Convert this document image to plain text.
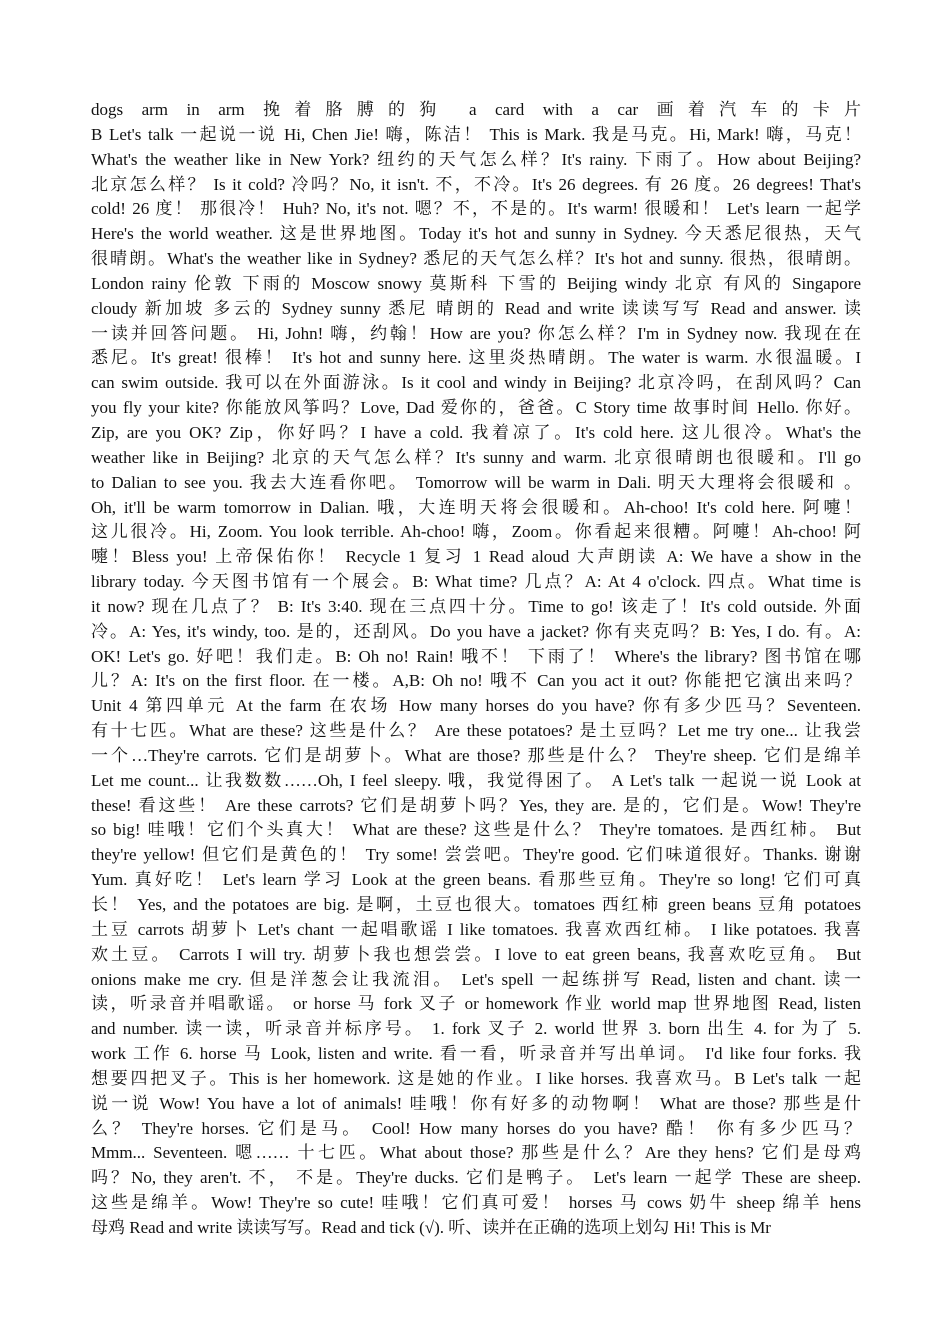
dogs arm in arm 挽着胳膊的狗 a card with a car 画着汽车的卡片
B Let's talk 一起说一说 Hi, Chen Jie! 嗨，陈洁！ This is Mark. 我是马克。Hi, Mark! 嗨，马克！
What's the weather like in New York? 纽约的天气怎么样？It's rainy. 下雨了。How about Beijing?
北京怎么样？ Is it cold? 冷吗？No, it isn't. 不，不冷。It's 26 degrees. 有 26 度。26 degrees! That's
cold! 26 度！ 那很冷！ Huh? No, it's not. 嗯？不，不是的。It's warm! 很暖和！ Let's learn 一起学
Here's the world weather. 这是世界地图。Today it's hot and sunny in Sydney. 今天悉尼很热，天气
很晴朗。What's the weather like in Sydney? 悉尼的天气怎么样？It's hot and sunny. 很热，很晴朗。
London rainy 伦敦 下雨的 Moscow snowy 莫斯科 下雪的 Beijing windy 北京 有风的 Singapore
cloudy 新加坡 多云的 Sydney sunny 悉尼 晴朗的 Read and write 读读写写 Read and answer. 读
一读并回答问题。 Hi, John! 嗨，约翰！How are you? 你怎么样？I'm in Sydney now. 我现在在
悉尼。It's great! 很棒！ It's hot and sunny here. 这里炎热晴朗。The water is warm. 水很温暖。I
can swim outside. 我可以在外面游泳。Is it cool and windy in Beijing? 北京冷吗，在刮风吗？Can
you fly your kite? 你能放风筝吗？Love, Dad 爱你的，爸爸。C Story time 故事时间 Hello. 你好。
Zip, are you OK? Zip，你好吗？I have a cold. 我着凉了。It's cold here. 这儿很冷。What's the
weather like in Beijing? 北京的天气怎么样？It's sunny and warm. 北京很晴朗也很暖和。I'll go
to Dalian to see you. 我去大连看你吧。 Tomorrow will be warm in Dali. 明天大理将会很暖和 。
Oh, it'll be warm tomorrow in Dalian. 哦，大连明天将会很暖和。Ah-choo! It's cold here. 阿嚏！
这儿很冷。Hi, Zoom. You look terrible. Ah-choo! 嗨，Zoom。你看起来很糟。阿嚏！Ah-choo! 阿
嚏！Bless you! 上帝保佑你！ Recycle 1 复习 1 Read aloud 大声朗读 A: We have a show in the
library today. 今天图书馆有一个展会。B: What time? 几点？A: At 4 o'clock. 四点。What time is
it now? 现在几点了？ B: It's 3:40. 现在三点四十分。Time to go! 该走了！It's cold outside. 外面
冷。A: Yes, it's windy, too. 是的，还刮风。Do you have a jacket? 你有夹克吗？B: Yes, I do. 有。A:
OK! Let's go. 好吧！我们走。B: Oh no! Rain! 哦不！ 下雨了！ Where's the library? 图书馆在哪
儿？A: It's on the first floor. 在一楼。A,B: Oh no! 哦不 Can you act it out? 你能把它演出来吗？
Unit 4 第四单元 At the farm 在农场 How many horses do you have? 你有多少匹马？Seventeen.
有十七匹。What are these? 这些是什么？ Are these potatoes? 是土豆吗？Let me try one... 让我尝
一个…They're carrots. 它们是胡萝卜。What are those? 那些是什么？ They're sheep. 它们是绵羊
Let me count... 让我数数……Oh, I feel sleepy. 哦，我觉得困了。 A Let's talk 一起说一说 Look at
these! 看这些！ Are these carrots? 它们是胡萝卜吗？Yes, they are. 是的，它们是。Wow! They're
so big! 哇哦！它们个头真大！ What are these? 这些是什么？ They're tomatoes. 是西红柿。 But
they're yellow! 但它们是黄色的！ Try some! 尝尝吧。They're good. 它们味道很好。Thanks. 谢谢
Yum. 真好吃！ Let's learn 学习 Look at the green beans. 看那些豆角。They're so long! 它们可真
长！ Yes, and the potatoes are big. 是啊，土豆也很大。tomatoes 西红柿 green beans 豆角 potatoes
土豆 carrots 胡萝卜 Let's chant 一起唱歌谣 I like tomatoes. 我喜欢西红柿。 I like potatoes. 我喜
欢土豆。 Carrots I will try. 胡萝卜我也想尝尝。I love to eat green beans, 我喜欢吃豆角。 But
onions make me cry. 但是洋葱会让我流泪。 Let's spell 一起练拼写 Read, listen and chant. 读一
读，听录音并唱歌谣。 or horse 马 fork 叉子 or homework 作业 world map 世界地图 Read, listen
and number. 读一读，听录音并标序号。 1. fork 叉子 2. world 世界 3. born 出生 4. for 为了 5.
work 工作 6. horse 马 Look, listen and write. 看一看，听录音并写出单词。 I'd like four forks. 我
想要四把叉子。This is her homework. 这是她的作业。I like horses. 我喜欢马。B Let's talk 一起
说一说 Wow! You have a lot of animals! 哇哦！你有好多的动物啊！ What are those? 那些是什
么？ They're horses. 它们是马。 Cool! How many horses do you have? 酷！ 你有多少匹马？
Mmm... Seventeen. 嗯…… 十七匹。What about those? 那些是什么？Are they hens? 它们是母鸡
吗？No, they aren't. 不， 不是。They're ducks. 它们是鸭子。 Let's learn 一起学 These are sheep.
这些是绵羊。Wow! They're so cute! 哇哦！它们真可爱！ horses 马 cows 奶牛 sheep 绵羊 hens
母鸡 Read and write 读读写写。Read and tick (√). 听、读并在正确的选项上划勾 Hi! This is Mr
